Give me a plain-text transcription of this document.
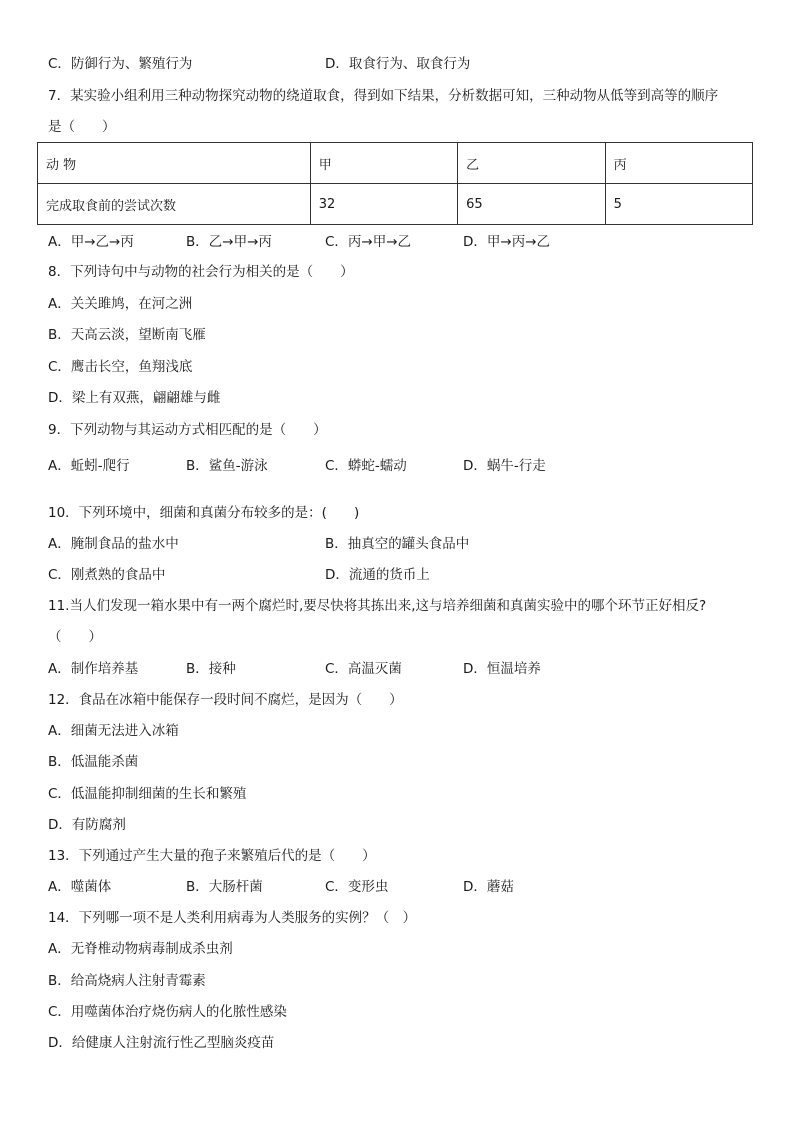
C．防御行为、繁殖行为	D．取食行为、取食行为
7．某实验小组利用三种动物探究动物的绕道取食，得到如下结果，分析数据可知，三种动物从低等到高等的顺序
是（　　）
动 物	甲	乙	丙
完成取食前的尝试次数	32	65	5
A．甲→乙→丙	B．乙→甲→丙	C．丙→甲→乙	D．甲→丙→乙
8．下列诗句中与动物的社会行为相关的是（　　）
A．关关雎鸠，在河之洲
B．天高云淡，望断南飞雁
C．鹰击长空，鱼翔浅底
D．梁上有双燕，翩翩雄与雌
9．下列动物与其运动方式相匹配的是（　　）
A．蚯蚓-爬行	B．鲨鱼-游泳	C．蟒蛇-蠕动	D．蜗牛-行走
10．下列环境中，细菌和真菌分布较多的是：(　　)
A．腌制食品的盐水中	B．抽真空的罐头食品中
C．刚煮熟的食品中	D．流通的货币上
11.当人们发现一箱水果中有一两个腐烂时,要尽快将其拣出来,这与培养细菌和真菌实验中的哪个环节正好相反?
（　　）
A．制作培养基	B．接种	C．高温灭菌	D．恒温培养
12．食品在冰箱中能保存一段时间不腐烂，是因为（　　）
A．细菌无法进入冰箱
B．低温能杀菌
C．低温能抑制细菌的生长和繁殖
D．有防腐剂
13．下列通过产生大量的孢子来繁殖后代的是（　　）
A．噬菌体	B．大肠杆菌	C．变形虫	D．蘑菇
14．下列哪一项不是人类利用病毒为人类服务的实例？（　）
A．无脊椎动物病毒制成杀虫剂
B．给高烧病人注射青霉素
C．用噬菌体治疗烧伤病人的化脓性感染
D．给健康人注射流行性乙型脑炎疫苗
